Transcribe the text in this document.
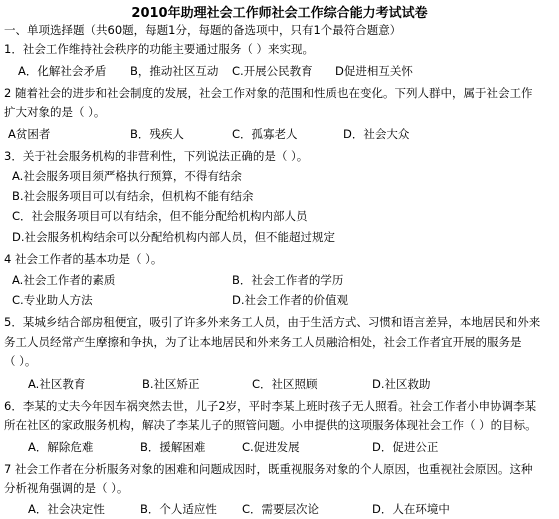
2010年助理社会工作师社会工作综合能力考试试卷
一、单项选择题（共60题，每题1分，每题的备选项中，只有1个最符合题意）
1．社会工作维持社会秩序的功能主要通过服务（ ）来实现。
A．化解社会矛盾 B，推动社区互动 C.开展公民教育 D促进相互关怀
2 随着社会的进步和社会制度的发展，社会工作对象的范围和性质也在变化。下列人群中，属于社会工作
扩大对象的是（ ）。
A贫困者	B．残疾人	C．孤寡老人	D．社会大众
3．关于社会服务机构的非营利性，下列说法正确的是（ ）。
A.社会服务项目须严格执行预算，不得有结余
B.社会服务项目可以有结余，但机构不能有结余
C．社会服务项目可以有结余，但不能分配给机构内部人员
D.社会服务机构结余可以分配给机构内部人员，但不能超过规定
4 社会工作者的基本功是（ ）。
A.社会工作者的素质	B．社会工作者的学历
C.专业助人方法	D.社会工作者的价值观
5．某城乡结合部房租便宜，吸引了许多外来务工人员，由于生活方式、习惯和语言差异，本地居民和外来
务工人员经常产生摩擦和争执，为了让本地居民和外来务工人员融洽相处，社会工作者宜开展的服务是
（ ）。
A.社区教育	B.社区矫正	C．社区照顾	D.社区救助
6．李某的丈夫今年因车祸突然去世，儿子2岁，平时李某上班时孩子无人照看。社会工作者小申协调李某
所在社区的家政服务机构，解决了李某儿子的照管问题。小申提供的这项服务体现社会工作（ ）的目标。
A．解除危难	B．援解困难	C.促进发展	D．促进公正
7 社会工作者在分析服务对象的困难和问题成因时，既重视服务对象的个人原因，也重视社会原因。这种
分析视角强调的是（ ）。
A．社会决定性	B．个人适应性 C．需要层次论	D．人在环境中
